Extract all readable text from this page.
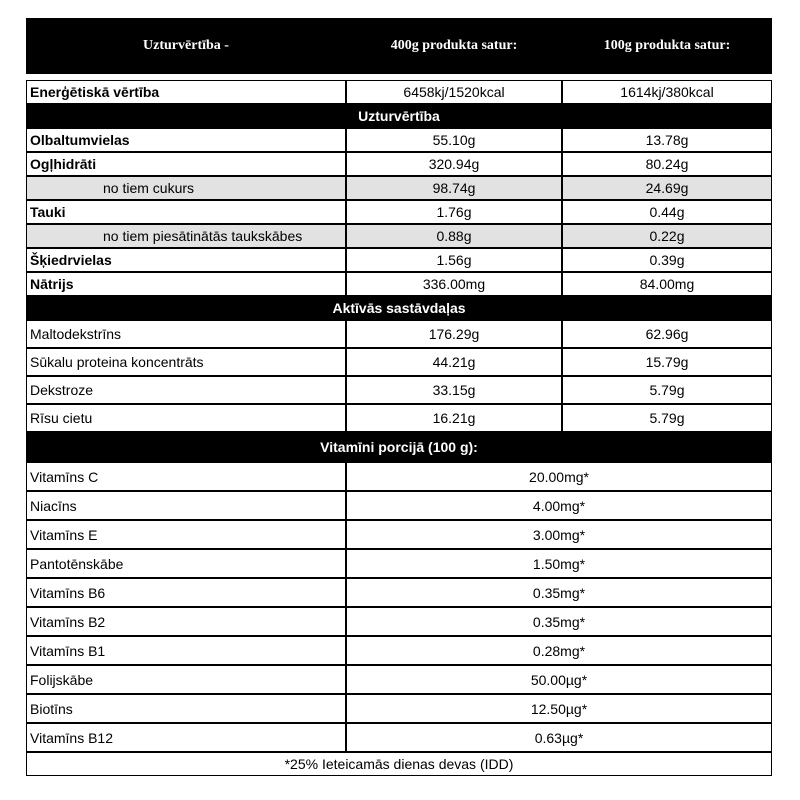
Uzturvērtība -	400g produkta satur:	100g produkta satur:
Enerģētiskā vērtība	6458kj/1520kcal	1614kj/380kcal
Uzturvērtība
Olbaltumvielas	55.10g	13.78g
Ogļhidrāti	320.94g	80.24g
no tiem cukurs	98.74g	24.69g
Tauki	1.76g	0.44g
no tiem piesātinātās taukskābes	0.88g	0.22g
Šķiedrvielas	1.56g	0.39g
Nātrijs	336.00mg	84.00mg
Aktīvās sastāvdaļas
Maltodekstrīns	176.29g	62.96g
Sūkalu proteina koncentrāts	44.21g	15.79g
Dekstroze	33.15g	5.79g
Rīsu cietu	16.21g	5.79g
Vitamīni porcijā (100 g):
Vitamīns C	20.00mg*
Niacīns	4.00mg*
Vitamīns E	3.00mg*
Pantotēnskābe	1.50mg*
Vitamīns B6	0.35mg*
Vitamīns B2	0.35mg*
Vitamīns B1	0.28mg*
Folijskābe	50.00µg*
Biotīns	12.50µg*
Vitamīns B12	0.63µg*
*25% Ieteicamās dienas devas (IDD)
